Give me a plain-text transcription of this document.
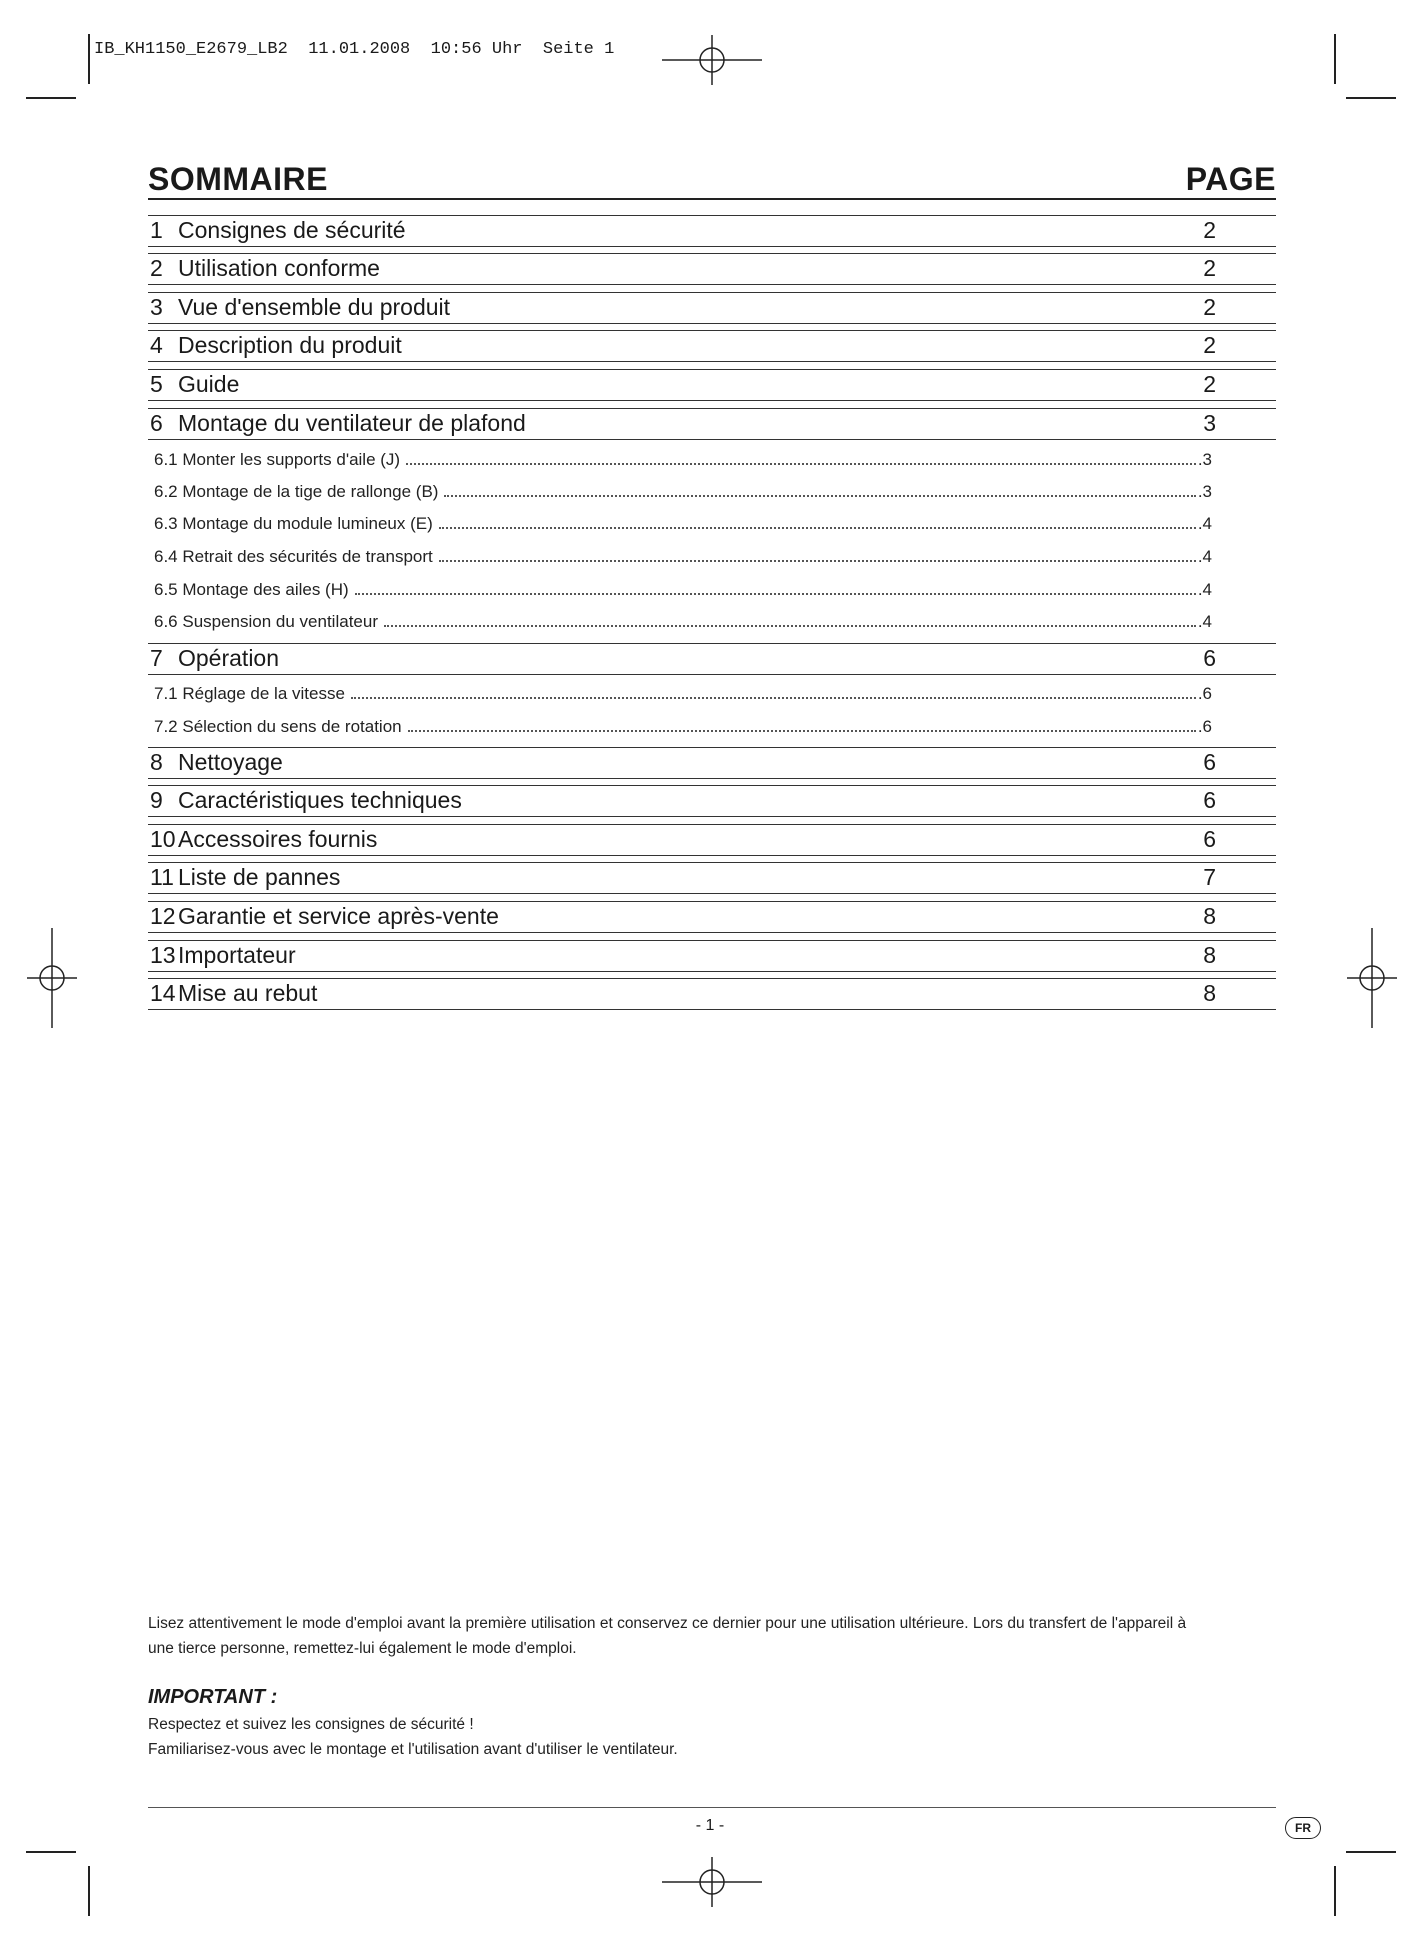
IB_KH1150_E2679_LB2  11.01.2008  10:56 Uhr  Seite 1
SOMMAIRE	PAGE
1 Consignes de sécurité	2
2 Utilisation conforme	2
3 Vue d'ensemble du produit	2
4 Description du produit	2
5 Guide	2
6 Montage du ventilateur de plafond	3
6.1 Monter les supports d'aile (J)	.3
6.2 Montage de la tige de rallonge (B)	.3
6.3 Montage du module lumineux (E)	.4
6.4 Retrait des sécurités de transport	.4
6.5 Montage des ailes (H)	.4
6.6 Suspension du ventilateur	.4
7 Opération	6
7.1 Réglage de la vitesse	.6
7.2 Sélection du sens de rotation	.6
8 Nettoyage	6
9 Caractéristiques techniques	6
10 Accessoires fournis	6
11 Liste de pannes	7
12 Garantie et service après-vente	8
13 Importateur	8
14 Mise au rebut	8
Lisez attentivement le mode d'emploi avant la première utilisation et conservez ce dernier pour une utilisation ultérieure. Lors du transfert de l'appareil à
une tierce personne, remettez-lui également le mode d'emploi.
IMPORTANT :
Respectez et suivez les consignes de sécurité !
Familiarisez-vous avec le montage et l'utilisation avant d'utiliser le ventilateur.
- 1 -	FR
